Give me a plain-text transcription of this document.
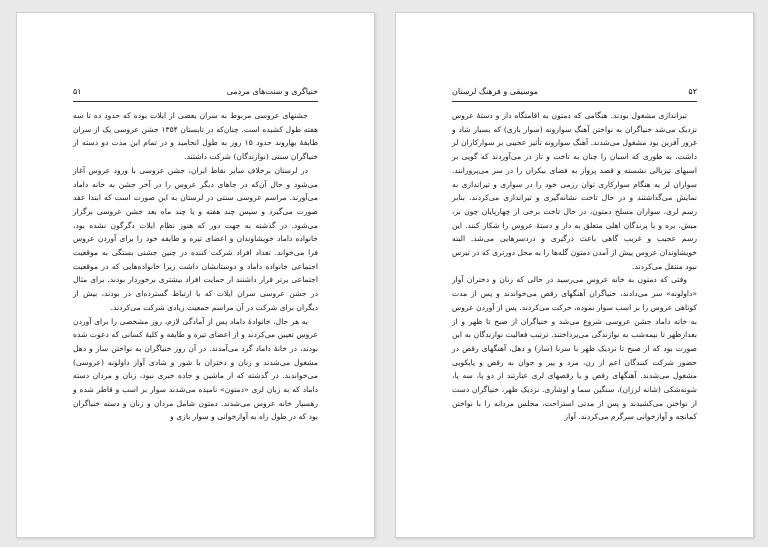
۵۱	خنیاگری و سنت‌های مردمی

جشنهای عروسی مربوط به سران یعضی از ایلات بوده که حدود ده تا سه هفته طول کشیده است. چنان‌که در تابستان ۱۳۵۴ جشن عروسی یک از سران طایفهٔ بهاروند حدود ۱۵ روز به طول انجامید و در تمام این مدت دو دسته از خنیاگران سنتی (نوازندگان) شرکت داشتند.

در لرستان برخلاف سایر نقاط ایران، جشن عروسی با ورود عروس آغاز می‌شود و حال آن‌که در جاهای دیگر عروس را در آخر جشن به خانه داماد می‌آورند. مراسم عروسی سنتی در لرستان به این صورت است که ابتدا عقد صورت می‌گیرد و سپس چند هفته و یا چند ماه بعد جشن عروسی برگزار می‌شود. در گذشته به جهت دور که هنوز نظام ایلات دگرگون نشده بود، خانواده داماد خویشاوندان و اعضای تیره و طایفه خود را برای آوردن عروس فرا می‌خواند. تعداد افراد شرکت کننده در چنین جشنی بستگی به موقعیت اجتماعی خانواده داماد و دوستانشان داشت زیرا خانواده‌هایی که در موقعیت اجتماعی برتر قرار داشتند از حمایت افراد بیشتری برخوردار بودند. برای مثال در جشن عروسی سران ایلات که با ارتباط گسترده‌ای در بودند، بیش از دیگران برای شرکت در آن مراسم جمعیت زیادی شرکت می‌کردند.

به هر حال، خانوادهٔ داماد پس از آمادگی لازم، روز مشخصی را برای آوردن عروس تعیین می‌کردند و از اعضای تیره و طایفه و کلیهٔ کسانی که دعوت شده بودند، در خانهٔ داماد گرد می‌آمدند. در آن روز خنیاگران به نواختن ساز و دهل مشغول می‌شدند و زنان و دختران با شور و شادی آواز داولونه (عروسی) می‌خواندند. در گذشته که از ماشین و جاده خبری نبود، زنان و مردان دسته داماد که به زبان لری «دمتون» نامیده می‌شدند سوار بر اسب و قاطر شده و رهسپار خانه عروس می‌شدند. دمتون شامل مردان و زنان و دسته خنیاگران بود که در طول راه به آوازخوانی و سوار بازی و

موسیقی و فرهنگ لرستان	۵۲

تیراندازی مشغول بودند. هنگامی که دمتون به اقامتگاه دار و دستهٔ عروس نزدیک می‌شد خنیاگران به نواختن آهنگ سوارونه (سوار بازی) که بسیار شاد و غرور آفرین بود مشغول می‌شدند. آهنگ سوارونه تأثیر عجیبی بر سوارکاران لر داشت، به طوری که اسبان را چنان به تاخت و تاز در می‌آوردند که گویی بر اسبهای تیزبالی نشسته و قصد پرواز به فضای بیکران را در سر می‌پرورانند. سواران لر به هنگام سوارکاری توان رزمی خود را در سواری و تیراندازی به نمایش می‌گذاشتند و در حال تاخت نشانه‌گیری و تیراندازی می‌کردند. بنابر رسم لری، سواران مسلح دمتون، در حال تاخت برخی از چهارپایان چون بز، میش، بره و یا پرندگان اهلی متعلق به دار و دستهٔ عروس را شکار کنند. این رسم عجیب و غریب گاهی باعث درگیری و دردسرهایی می‌شد. البته خویشاوندان عروس پیش از آمدن دمتون گله‌ها را به محل دورتری که در تیرس نبود منتقل می‌کردند.

وقتی که دمتون به خانه عروس می‌رسید در حالی که زنان و دختران آواز «داولونه» سر می‌دادند، خنیاگران آهنگهای رقص می‌خواندند و پس از مدت کوتاهی عروس را بر اسب سوار نموده، حرکت می‌کردند. پس از آوردن عروس به خانه داماد جشن عروسی شروع می‌شد و خنیاگران از صبح تا ظهر و از بعدازظهر تا نیمه‌شب به نوازندگی می‌پرداختند. ترتیب فعالیت نوازندگان به این صورت بود که از صبح تا نزدیک ظهر با سرنا (ساز) و دهل، آهنگهای رقص در حضور شرکت کنندگان اعم از زن، مرد و پیر و جوان به رقص و پایکوبی مشغول می‌شدند. آهنگهای رقص و یا رقصهای لری عبارتند از دو پا، سه پا، شونه‌شکی (شانه لرزان)، سنگین سما و اوشاری. نزدیک ظهر، خنیاگران دست از نواختن می‌کشیدند و پس از مدتی استراحت، مجلس مردانه را با نواختن کمانچه و آوازخوانی سرگرم می‌کردند. آواز
